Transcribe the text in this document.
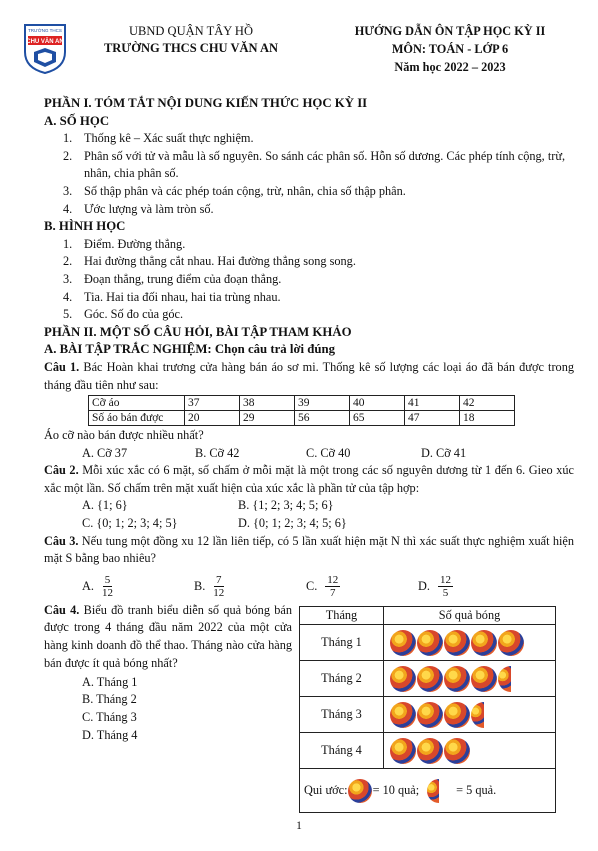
TRƯỜNG THCS
CHU VĂN AN
UBND QUẬN TÂY HỒ
TRƯỜNG THCS CHU VĂN AN
HƯỚNG DẪN ÔN TẬP HỌC KỲ II
MÔN: TOÁN - LỚP 6
Năm học 2022 – 2023
PHẦN I. TÓM TẮT NỘI DUNG KIẾN THỨC HỌC KỲ II
A. SỐ HỌC
1. Thống kê – Xác suất thực nghiệm.
2. Phân số với tử và mẫu là số nguyên. So sánh các phân số. Hỗn số dương. Các phép tính cộng, trừ, nhân, chia phân số.
3. Số thập phân và các phép toán cộng, trừ, nhân, chia số thập phân.
4. Ước lượng và làm tròn số.
B. HÌNH HỌC
1. Điểm. Đường thẳng.
2. Hai đường thẳng cắt nhau. Hai đường thẳng song song.
3. Đoạn thẳng, trung điểm của đoạn thẳng.
4. Tia. Hai tia đối nhau, hai tia trùng nhau.
5. Góc. Số đo của góc.
PHẦN II. MỘT SỐ CÂU HỎI, BÀI TẬP THAM KHẢO
A. BÀI TẬP TRẮC NGHIỆM: Chọn câu trả lời đúng
Câu 1. Bác Hoàn khai trương cửa hàng bán áo sơ mi. Thống kê số lượng các loại áo đã bán được trong tháng đầu tiên như sau:
Cỡ áo	37	38	39	40	41	42
Số áo bán được	20	29	56	65	47	18
Áo cỡ nào bán được nhiều nhất?
A. Cỡ 37	B. Cỡ 42	C. Cỡ 40	D. Cỡ 41
Câu 2. Mỗi xúc xắc có 6 mặt, số chấm ở mỗi mặt là một trong các số nguyên dương từ 1 đến 6. Gieo xúc xắc một lần. Số chấm trên mặt xuất hiện của xúc xắc là phần tử của tập hợp:
A. {1; 6}	B. {1; 2; 3; 4; 5; 6}
C. {0; 1; 2; 3; 4; 5}	D. {0; 1; 2; 3; 4; 5; 6}
Câu 3. Nếu tung một đồng xu 12 lần liên tiếp, có 5 lần xuất hiện mặt N thì xác suất thực nghiệm xuất hiện mặt S bằng bao nhiêu?
A. $\frac{5}{12}$	B. $\frac{7}{12}$	C. $\frac{12}{7}$	D. $\frac{12}{5}$
Câu 4. Biểu đồ tranh biểu diễn số quả bóng bán được trong 4 tháng đầu năm 2022 của một cửa hàng kinh doanh đồ thể thao. Tháng nào cửa hàng bán được ít quả bóng nhất?
A. Tháng 1
B. Tháng 2
C. Tháng 3
D. Tháng 4
Tháng	Số quả bóng
Tháng 1	
Tháng 2	
Tháng 3	
Tháng 4	
Qui ước: = 10 quả; = 5 quả.	
1
